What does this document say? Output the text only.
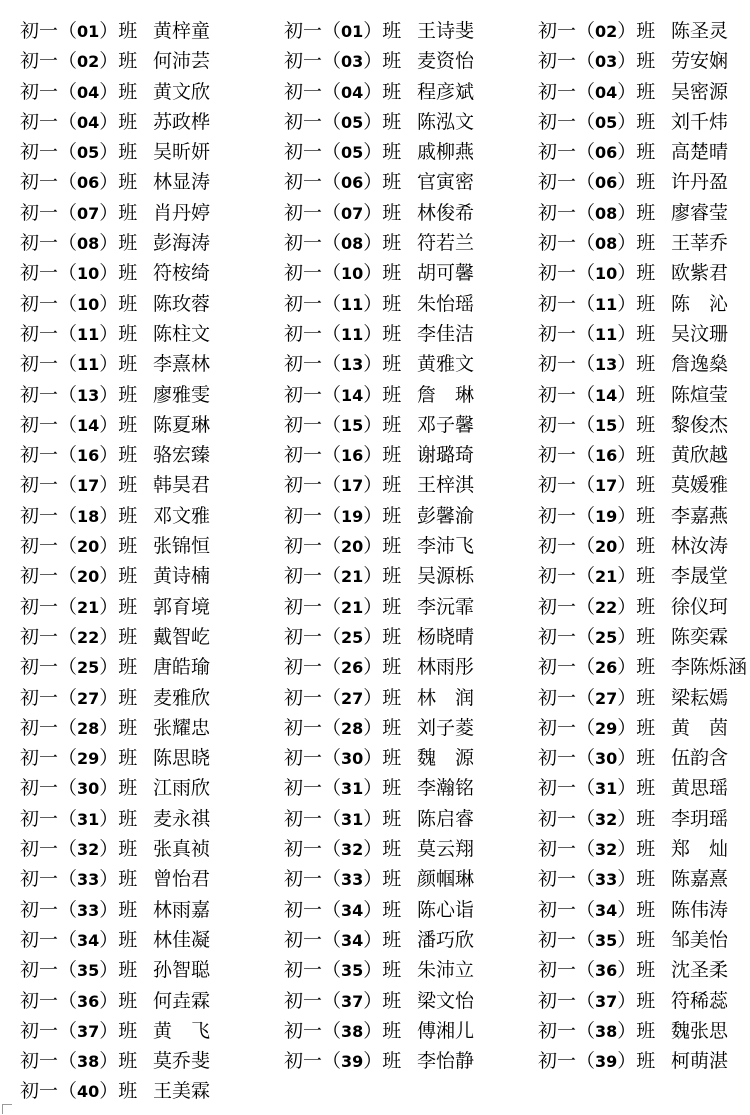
初一（01）班 黄梓童	初一（01）班 王诗斐	初一（02）班 陈圣灵
初一（02）班 何沛芸	初一（03）班 麦资怡	初一（03）班 劳安娴
初一（04）班 黄文欣	初一（04）班 程彦斌	初一（04）班 吴密源
初一（04）班 苏政桦	初一（05）班 陈泓文	初一（05）班 刘千炜
初一（05）班 吴昕妍	初一（05）班 戚柳燕	初一（06）班 高楚晴
初一（06）班 林显涛	初一（06）班 官寅密	初一（06）班 许丹盈
初一（07）班 肖丹婷	初一（07）班 林俊希	初一（08）班 廖睿莹
初一（08）班 彭海涛	初一（08）班 符若兰	初一（08）班 王莘乔
初一（10）班 符桉绮	初一（10）班 胡可馨	初一（10）班 欧紫君
初一（10）班 陈玫蓉	初一（11）班 朱怡瑶	初一（11）班 陈　沁
初一（11）班 陈柱文	初一（11）班 李佳洁	初一（11）班 吴汶珊
初一（11）班 李熹林	初一（13）班 黄雅文	初一（13）班 詹逸燊
初一（13）班 廖雅雯	初一（14）班 詹　琳	初一（14）班 陈煊莹
初一（14）班 陈夏琳	初一（15）班 邓子馨	初一（15）班 黎俊杰
初一（16）班 骆宏臻	初一（16）班 谢璐琦	初一（16）班 黄欣越
初一（17）班 韩昊君	初一（17）班 王梓淇	初一（17）班 莫媛雅
初一（18）班 邓文雅	初一（19）班 彭馨渝	初一（19）班 李嘉燕
初一（20）班 张锦恒	初一（20）班 李沛飞	初一（20）班 林汝涛
初一（20）班 黄诗楠	初一（21）班 吴源栎	初一（21）班 李晟堂
初一（21）班 郭育境	初一（21）班 李沅霏	初一（22）班 徐仪珂
初一（22）班 戴智屹	初一（25）班杨晓晴	初一（25）班 陈奕霖
初一（25）班 唐皓瑜	初一（26）班 林雨彤	初一（26）班 李陈烁涵
初一（27）班 麦雅欣	初一（27）班 林　润	初一（27）班 梁耘嫣
初一（28）班 张耀忠	初一（28）班 刘子菱	初一（29）班 黄　茵
初一（29）班 陈思晓	初一（30）班 魏　源	初一（30）班 伍韵含
初一（30）班 江雨欣	初一（31）班 李瀚铭	初一（31）班 黄思瑶
初一（31）班 麦永祺	初一（31）班 陈启睿	初一（32）班 李玥瑶
初一（32）班 张真祯	初一（32）班 莫云翔	初一（32）班 郑　灿
初一（33）班 曾怡君	初一（33）班 颜帼琳	初一（33）班 陈嘉熹
初一（33）班 林雨嘉	初一（34）班 陈心诣	初一（34）班 陈伟涛
初一（34）班 林佳凝	初一（34）班 潘巧欣	初一（35）班 邹美怡
初一（35）班 孙智聪	初一（35）班 朱沛立	初一（36）班 沈圣柔
初一（36）班 何垚霖	初一（37）班 梁文怡	初一（37）班 符稀蕊
初一（37）班 黄　飞	初一（38）班 傅湘儿	初一（38）班 魏张思
初一（38）班 莫乔斐	初一（39）班 李怡静	初一（39）班 柯萌湛
初一（40）班 王美霖
